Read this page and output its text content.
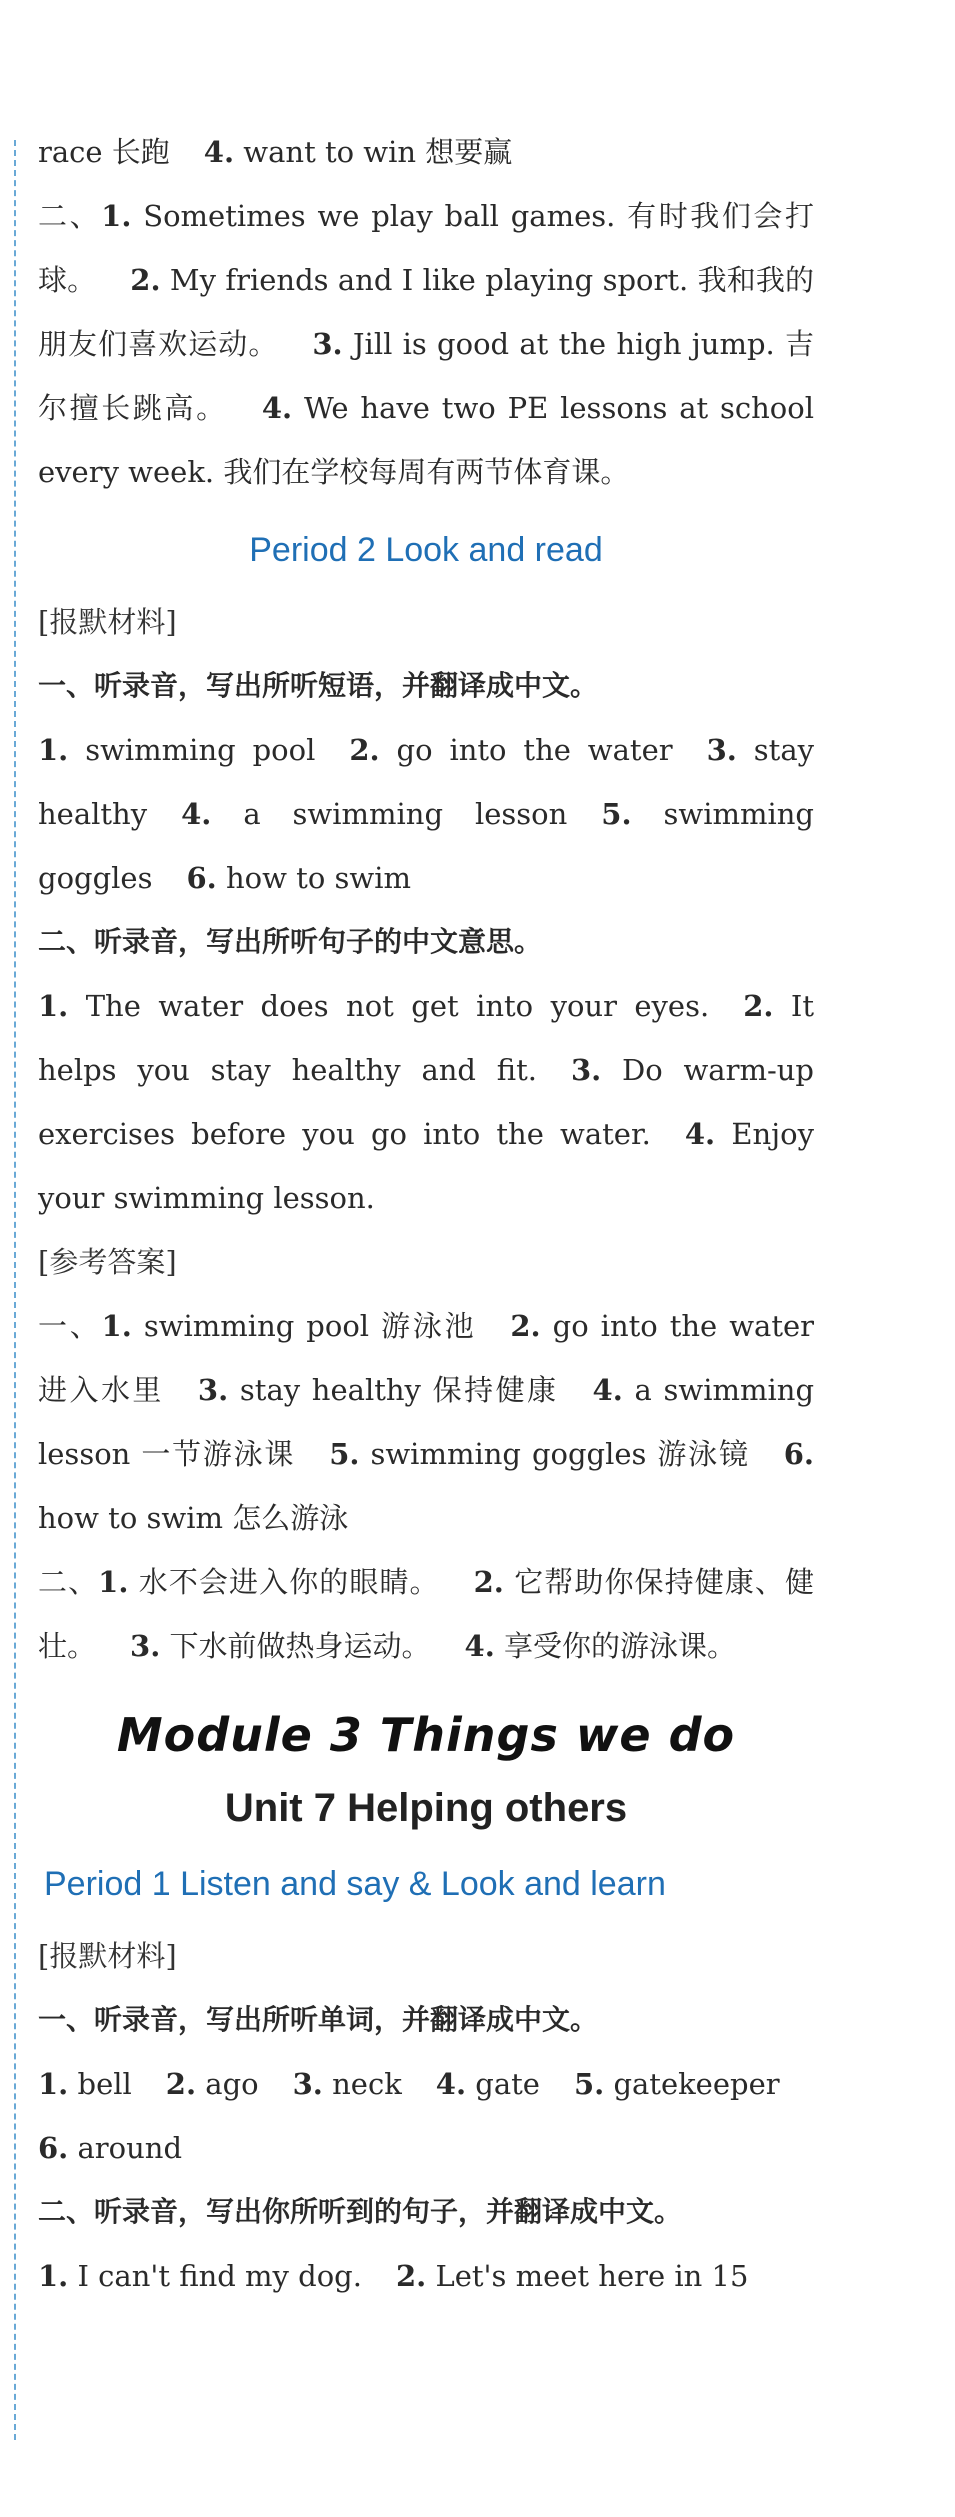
race 长跑 4. want to win 想要赢

二、1. Sometimes we play ball games. 有时我们会打球。 2. My friends and I like playing sport. 我和我的朋友们喜欢运动。 3. Jill is good at the high jump. 吉尔擅长跳高。 4. We have two PE lessons at school every week. 我们在学校每周有两节体育课。

Period 2 Look and read

[报默材料]

一、听录音，写出所听短语，并翻译成中文。

1. swimming pool 2. go into the water 3. stay healthy 4. a swimming lesson 5. swimming goggles 6. how to swim

二、听录音，写出所听句子的中文意思。

1. The water does not get into your eyes. 2. It helps you stay healthy and fit. 3. Do warm-up exercises before you go into the water. 4. Enjoy your swimming lesson.

[参考答案]

一、1. swimming pool 游泳池 2. go into the water 进入水里 3. stay healthy 保持健康 4. a swimming lesson 一节游泳课 5. swimming goggles 游泳镜 6. how to swim 怎么游泳

二、1. 水不会进入你的眼睛。 2. 它帮助你保持健康、健壮。 3. 下水前做热身运动。 4. 享受你的游泳课。

Module 3 Things we do
Unit 7 Helping others
Period 1 Listen and say & Look and learn

[报默材料]

一、听录音，写出所听单词，并翻译成中文。

1. bell 2. ago 3. neck 4. gate 5. gatekeeper
6. around

二、听录音，写出你所听到的句子，并翻译成中文。

1. I can't find my dog. 2. Let's meet here in 15
